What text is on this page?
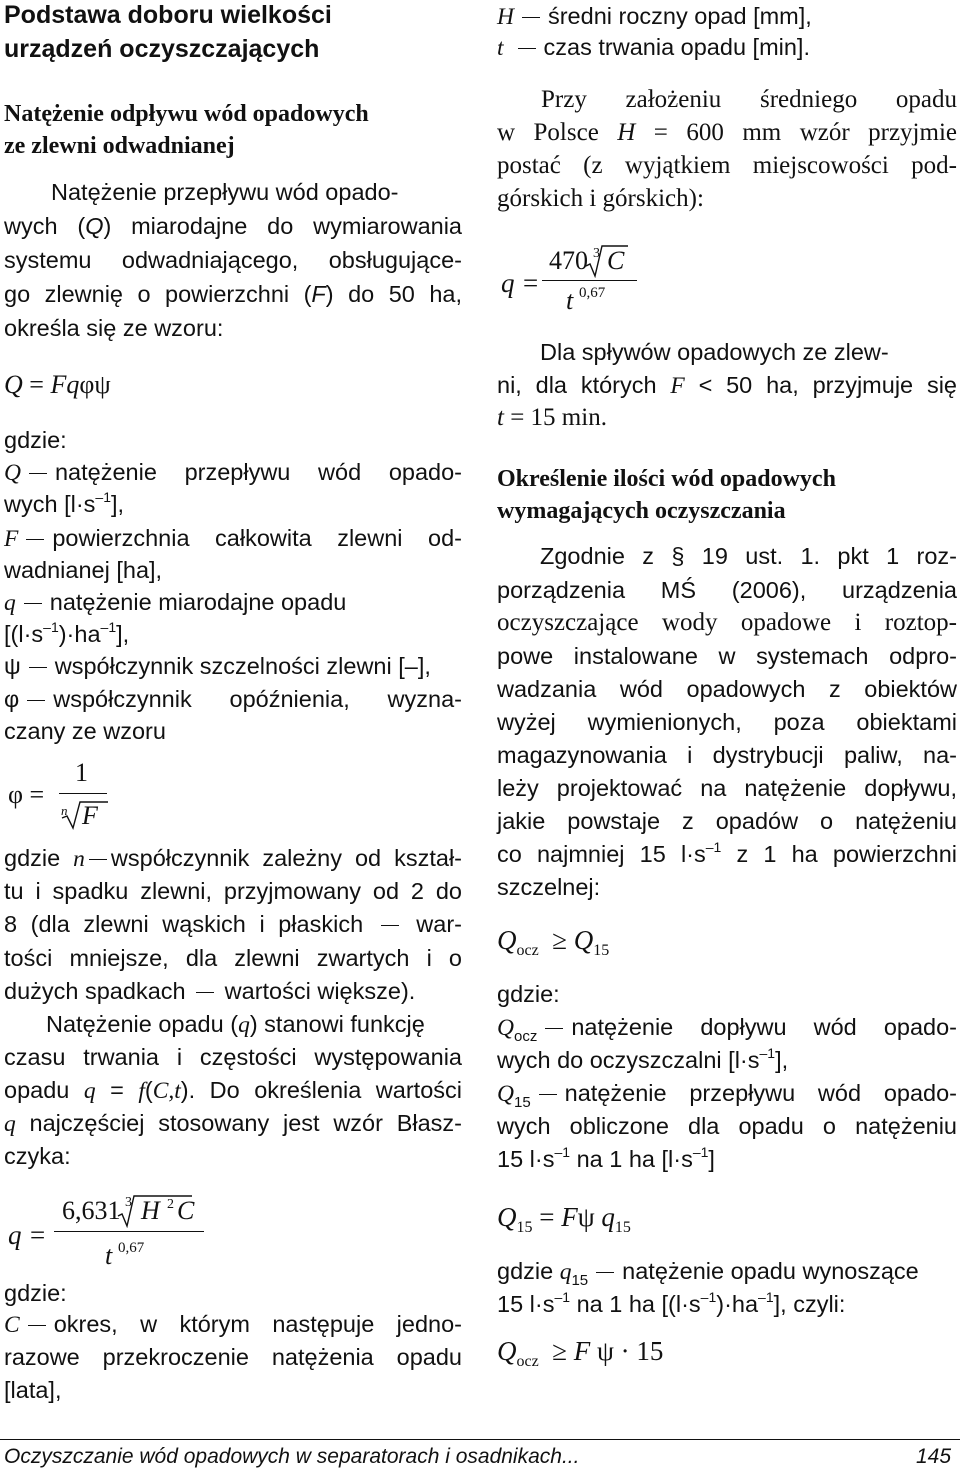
Podstawa doboru wielkości
urządzeń oczyszczających
Natężenie odpływu wód opadowych
ze zlewni odwadnianej
Natężenie przepływu wód opado-
wych (Q) miarodajne do wymiarowania
systemu odwadniającego, obsługujące-
go zlewnię o powierzchni (F) do 50 ha,
określa się ze wzoru:
Q = Fqφψ
gdzie:
Q natężenie przepływu wód opado-
wych $[l\cdot s^{-1}]$,
F powierzchnia całkowita zlewni od-
wadnianej [ha],
q natężenie miarodajne opadu
$[(l\cdot s^{-1})\cdot ha^{-1}]$,
ψ współczynnik szczelności zlewni [–],
φ współczynnik opóźnienia, wyzna-
czany ze wzoru
φ =
1
n F
gdzie n współczynnik zależny od kształ-
tu i spadku zlewni, przyjmowany od 2 do
8 (dla zlewni wąskich i płaskich  war-
tości mniejsze, dla zlewni zwartych i o
dużych spadkach  wartości większe).
Natężenie opadu (q) stanowi funkcję
czasu trwania i częstości występowania
opadu q = f(C,t). Do określenia wartości
q najczęściej stosowany jest wzór Błasz-
czyka:
q =
6,631 3 H 2 C
t 0,67
gdzie:
C okres, w którym następuje jedno-
razowe przekroczenie natężenia opadu
[lata],
H średni roczny opad [mm],
t czas trwania opadu [min].
Przy założeniu średniego opadu
w Polsce H = 600 mm wzór przyjmie
postać (z wyjątkiem miejscowości pod-
górskich i górskich):
q =
470 3 C
t 0,67
Dla spływów opadowych ze zlew-
ni, dla których F < 50 ha, przyjmuje się
t = 15 min.
Określenie ilości wód opadowych
wymagających oczyszczania
Zgodnie z § 19 ust. 1. pkt 1 roz-
porządzenia MŚ (2006), urządzenia
oczyszczające wody opadowe i roztop-
powe instalowane w systemach odpro-
wadzania wód opadowych z obiektów
wyżej wymienionych, poza obiektami
magazynowania i dystrybucji paliw, na-
leży projektować na natężenie dopływu,
jakie powstaje z opadów o natężeniu
co najmniej 15 $l\cdot s^{-1}$ z 1 ha powierzchni
szczelnej:
$Q_{ocz} \ge Q_{15}$
gdzie:
$Q_{ocz}$ natężenie dopływu wód opado-
wych do oczyszczalni $[l\cdot s^{-1}]$,
$Q_{15}$ natężenie przepływu wód opado-
wych obliczone dla opadu o natężeniu
15 $l\cdot s^{-1}$ na 1 ha $[l\cdot s^{-1}]$
$Q_{15} = F\psi$ $q_{15}$
gdzie $q_{15}$ natężenie opadu wynoszące
15 $l\cdot s^{-1}$ na 1 ha $[(l\cdot s^{-1})\cdot ha^{-1}]$, czyli:
$Q_{ocz} \ge F$ ψ · 15
Oczyszczanie wód opadowych w separatorach i osadnikach...	145
